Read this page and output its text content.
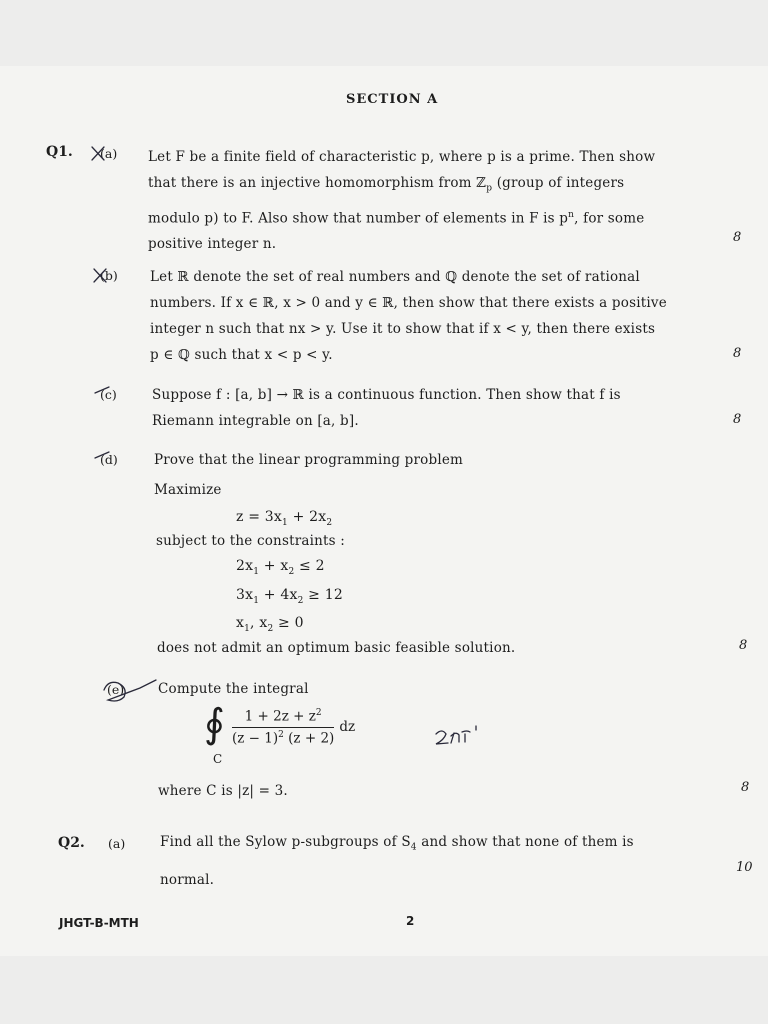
SECTION A
Q1. (a) Let F be a finite field of characteristic p, where p is a prime. Then show
that there is an injective homomorphism from ℤ$_p$ (group of integers
modulo p) to F. Also show that number of elements in F is $p^n$, for some
positive integer n.	8
(b) Let ℝ denote the set of real numbers and ℚ denote the set of rational
numbers. If x ∈ ℝ, x > 0 and y ∈ ℝ, then show that there exists a positive
integer n such that nx > y. Use it to show that if x < y, then there exists
p ∈ ℚ such that x < p < y.	8
(c)	Suppose f : [a, b] → ℝ is a continuous function. Then show that f is
Riemann integrable on [a, b].	8
(d)	Prove that the linear programming problem
Maximize
$z = 3x_1 + 2x_2$
subject to the constraints :
$2x_1 + x_2 \le 2$
$3x_1 + 4x_2 \ge 12$
$x_1$, $x_2 \ge 0$
does not admit an optimum basic feasible solution.	8
(e)	Compute the integral
∮
C
$\frac{1 + 2z + z^2}{(z - 1)^2 (z + 2)}$ dz
where C is |z| = 3.	8
Q2. (a)	Find all the Sylow p-subgroups of $S_4$ and show that none of them is
normal.
10
JHGT-B-MTH	2
